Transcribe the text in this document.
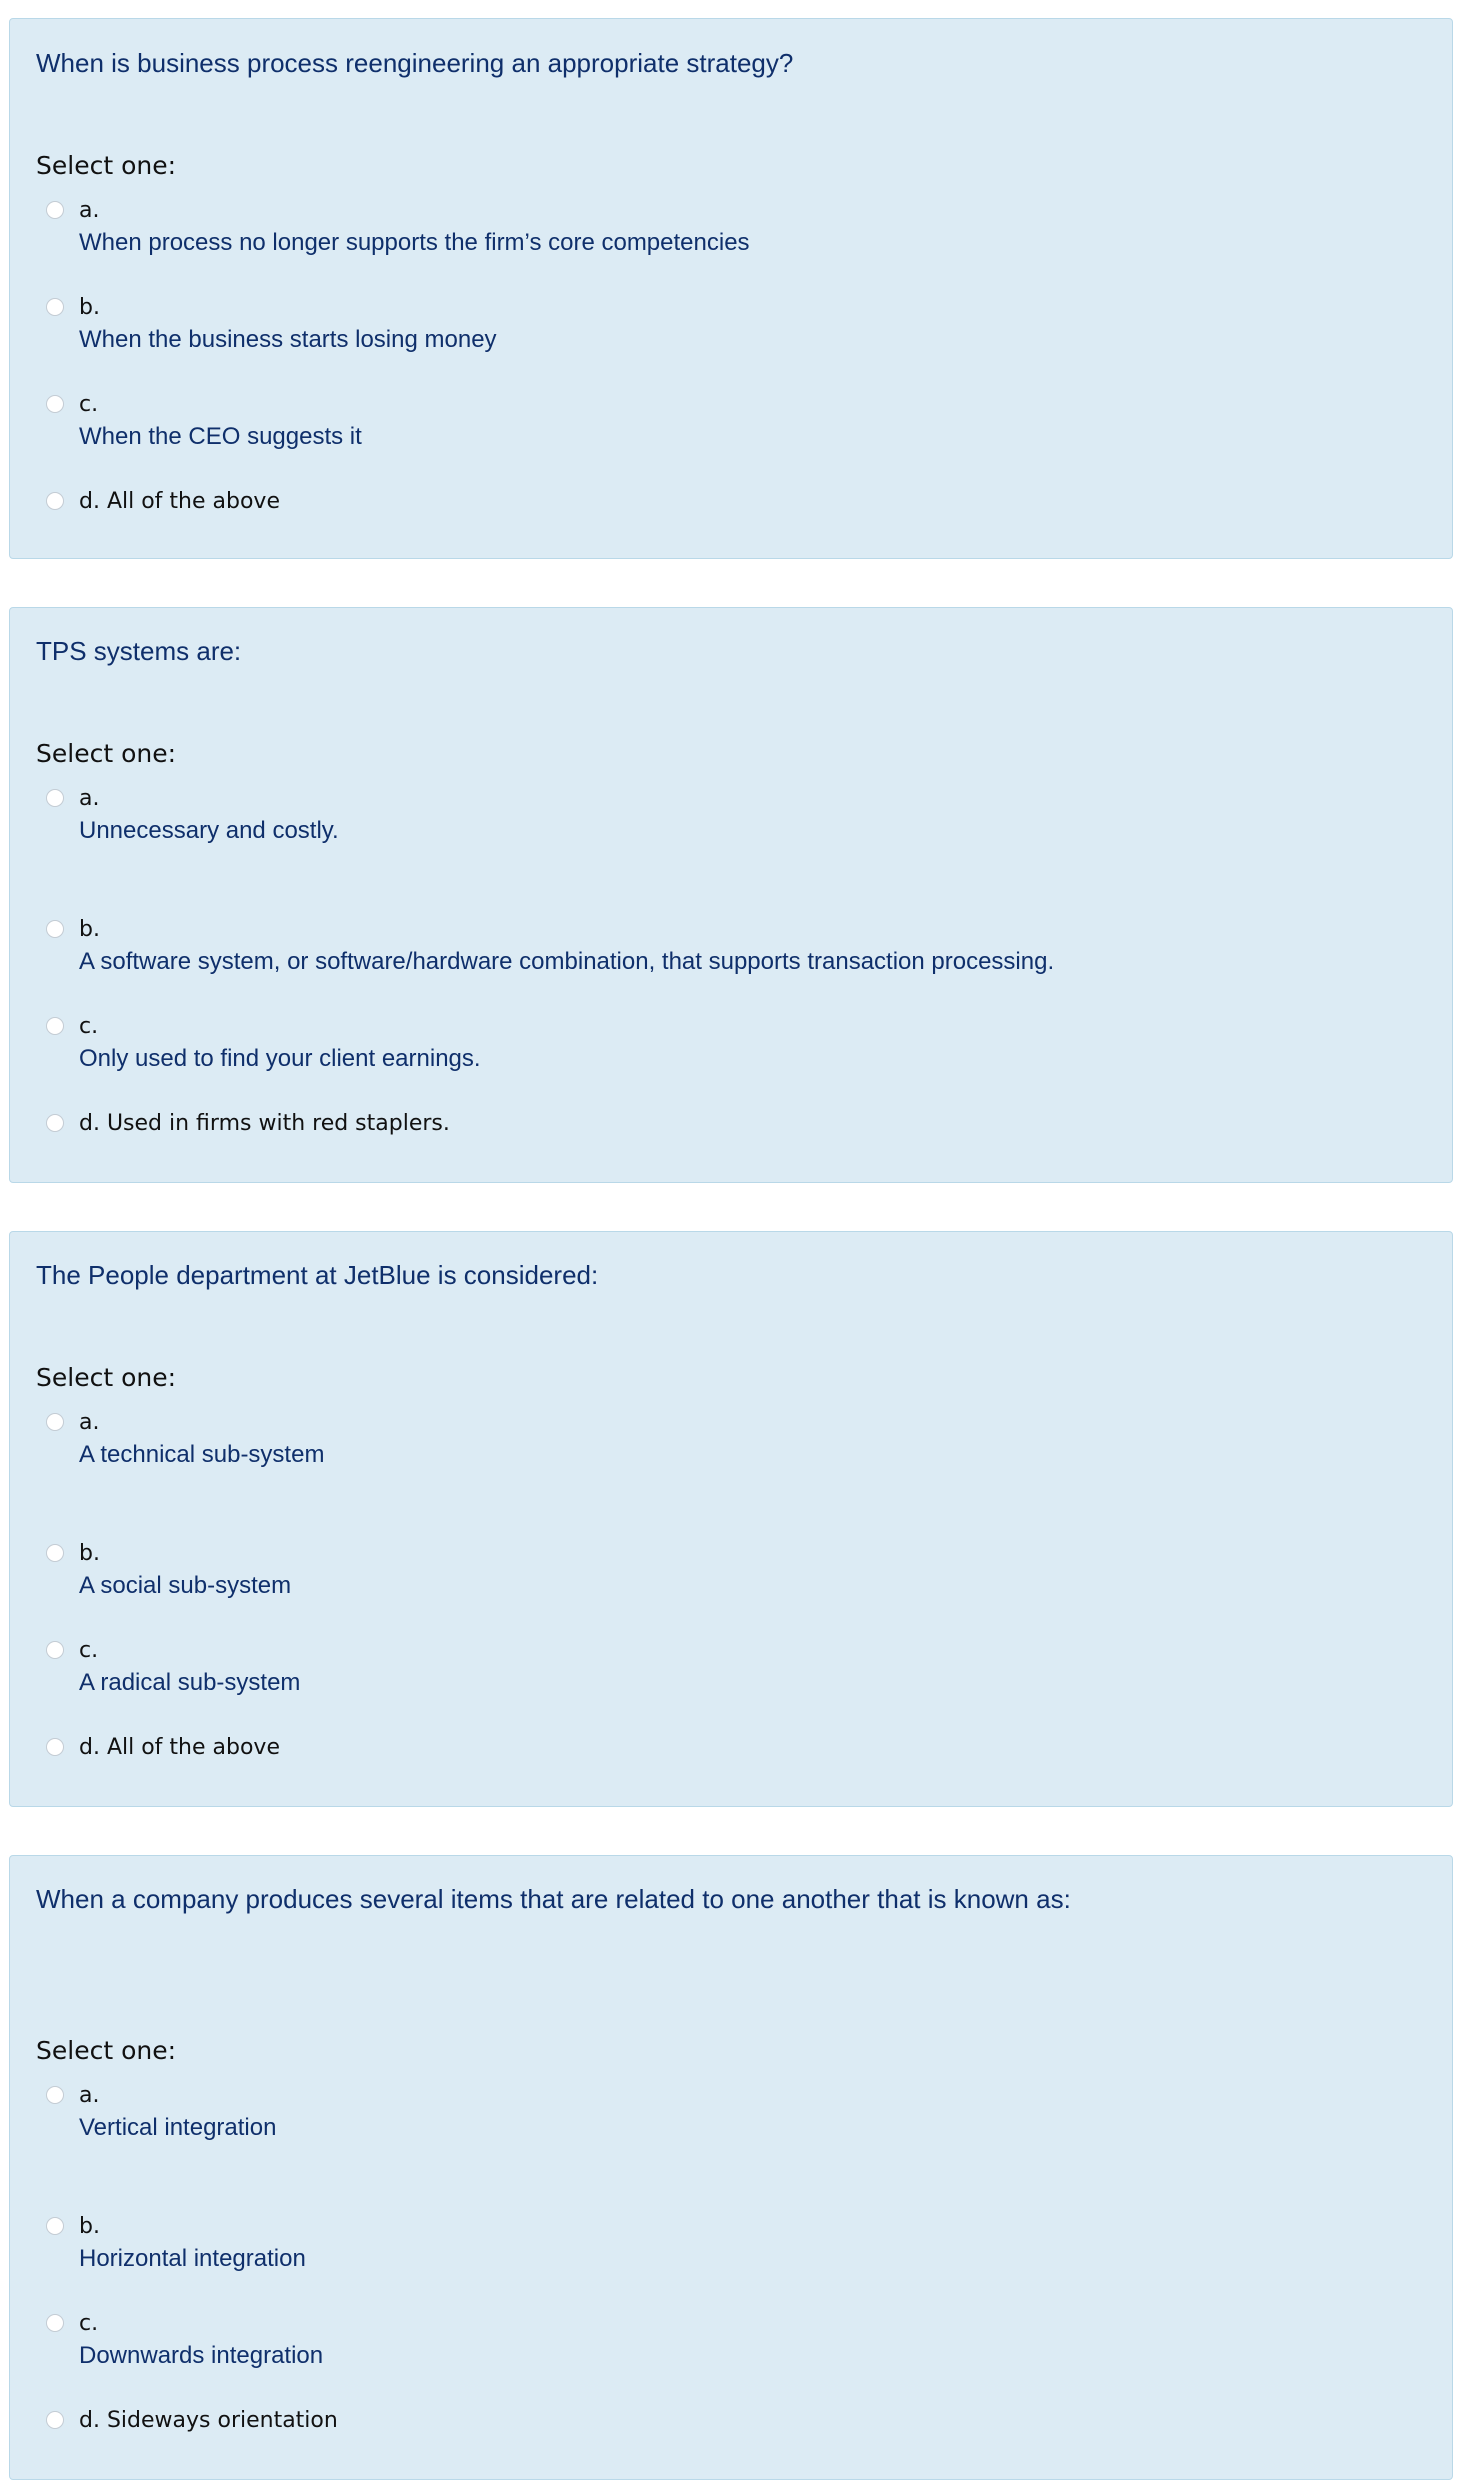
When is business process reengineering an appropriate strategy?
Select one:
a.
When process no longer supports the firm’s core competencies
b.
When the business starts losing money
c.
When the CEO suggests it
d. All of the above
TPS systems are:
Select one:
a.
Unnecessary and costly.
b.
A software system, or software/hardware combination, that supports transaction processing.
c.
Only used to find your client earnings.
d. Used in firms with red staplers.
The People department at JetBlue is considered:
Select one:
a.
A technical sub-system
b.
A social sub-system
c.
A radical sub-system
d. All of the above
When a company produces several items that are related to one another that is known as:
Select one:
a.
Vertical integration
b.
Horizontal integration
c.
Downwards integration
d. Sideways orientation
